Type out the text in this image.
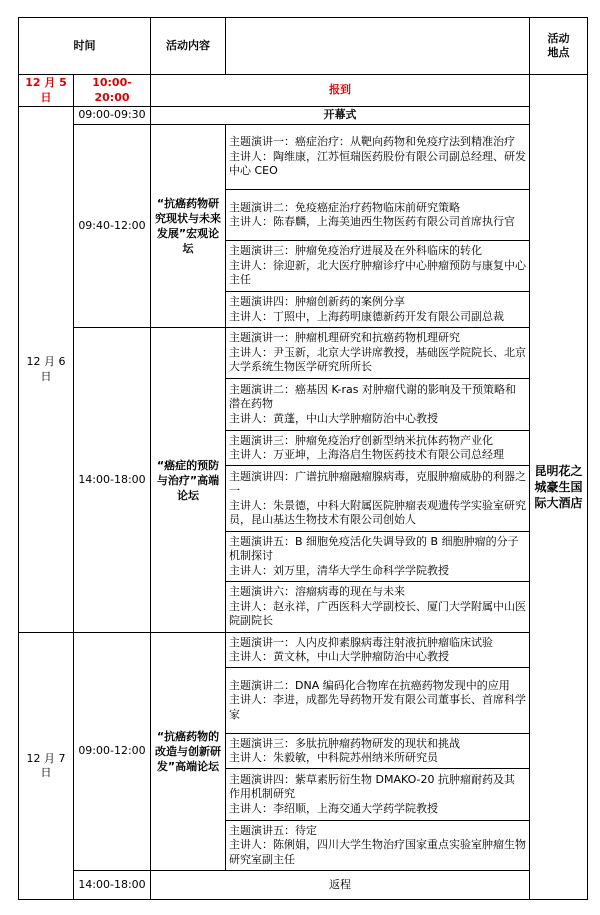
时间		活动内容		活动
地点
12 月 5 日	10:00-20:00	报到		昆明花之城豪生国际大酒店
12 月 6 日	09:00-09:30	开幕式		
	09:40-12:00	“抗癌药物研究现状与未来发展”宏观论坛	主题演讲一：癌症治疗：从靶向药物和免疫疗法到精准治疗
主讲人：陶维康，江苏恒瑞医药股份有限公司副总经理、研发中心 CEO	

			主题演讲二：免疫癌症治疗药物临床前研究策略
主讲人：陈春麟，上海美迪西生物医药有限公司首席执行官	

			主题演讲三：肿瘤免疫治疗进展及在外科临床的转化
主讲人：徐迎新，北大医疗肿瘤诊疗中心肿瘤预防与康复中心主任	

			主题演讲四：肿瘤创新药的案例分享
主讲人：丁照中，上海药明康德新药开发有限公司副总裁	

	14:00-18:00	“癌症的预防与治疗”高端论坛	主题演讲一：肿瘤机理研究和抗癌药物机理研究
主讲人：尹玉新，北京大学讲席教授，基础医学院院长、北京大学系统生物医学研究所所长	

			主题演讲二：癌基因 K-ras 对肿瘤代谢的影响及干预策略和潜在药物
主讲人：黄蓬，中山大学肿瘤防治中心教授	

			主题演讲三：肿瘤免疫治疗创新型纳米抗体药物产业化
主讲人：万亚坤，上海洛启生物医药技术有限公司总经理	

			主题演讲四：广谱抗肿瘤融瘤腺病毒，克服肿瘤威胁的利器之一
主讲人：朱景德，中科大附属医院肿瘤表观遗传学实验室研究员，昆山基达生物技术有限公司创始人	

			主题演讲五：B 细胞免疫活化失调导致的 B 细胞肿瘤的分子机制探讨
主讲人：刘万里，清华大学生命科学学院教授	

			主题演讲六：溶瘤病毒的现在与未来
主讲人：赵永祥，广西医科大学副校长、厦门大学附属中山医院副院长	

12 月 7 日	09:00-12:00	“抗癌药物的改造与创新研发”高端论坛	主题演讲一：人内皮抑素腺病毒注射液抗肿瘤临床试验
主讲人：黄文林，中山大学肿瘤防治中心教授	

			主题演讲二：DNA 编码化合物库在抗癌药物发现中的应用
主讲人：李进，成都先导药物开发有限公司董事长、首席科学家	

			主题演讲三：多肽抗肿瘤药物研发的现状和挑战
主讲人：朱毅敏，中科院苏州纳米所研究员	

			主题演讲四：紫草素肟衍生物 DMAKO-20 抗肿瘤耐药及其作用机制研究
主讲人：李绍顺，上海交通大学药学院教授	

			主题演讲五：待定
主讲人：陈俐娟，四川大学生物治疗国家重点实验室肿瘤生物研究室副主任	

	14:00-18:00	返程		
